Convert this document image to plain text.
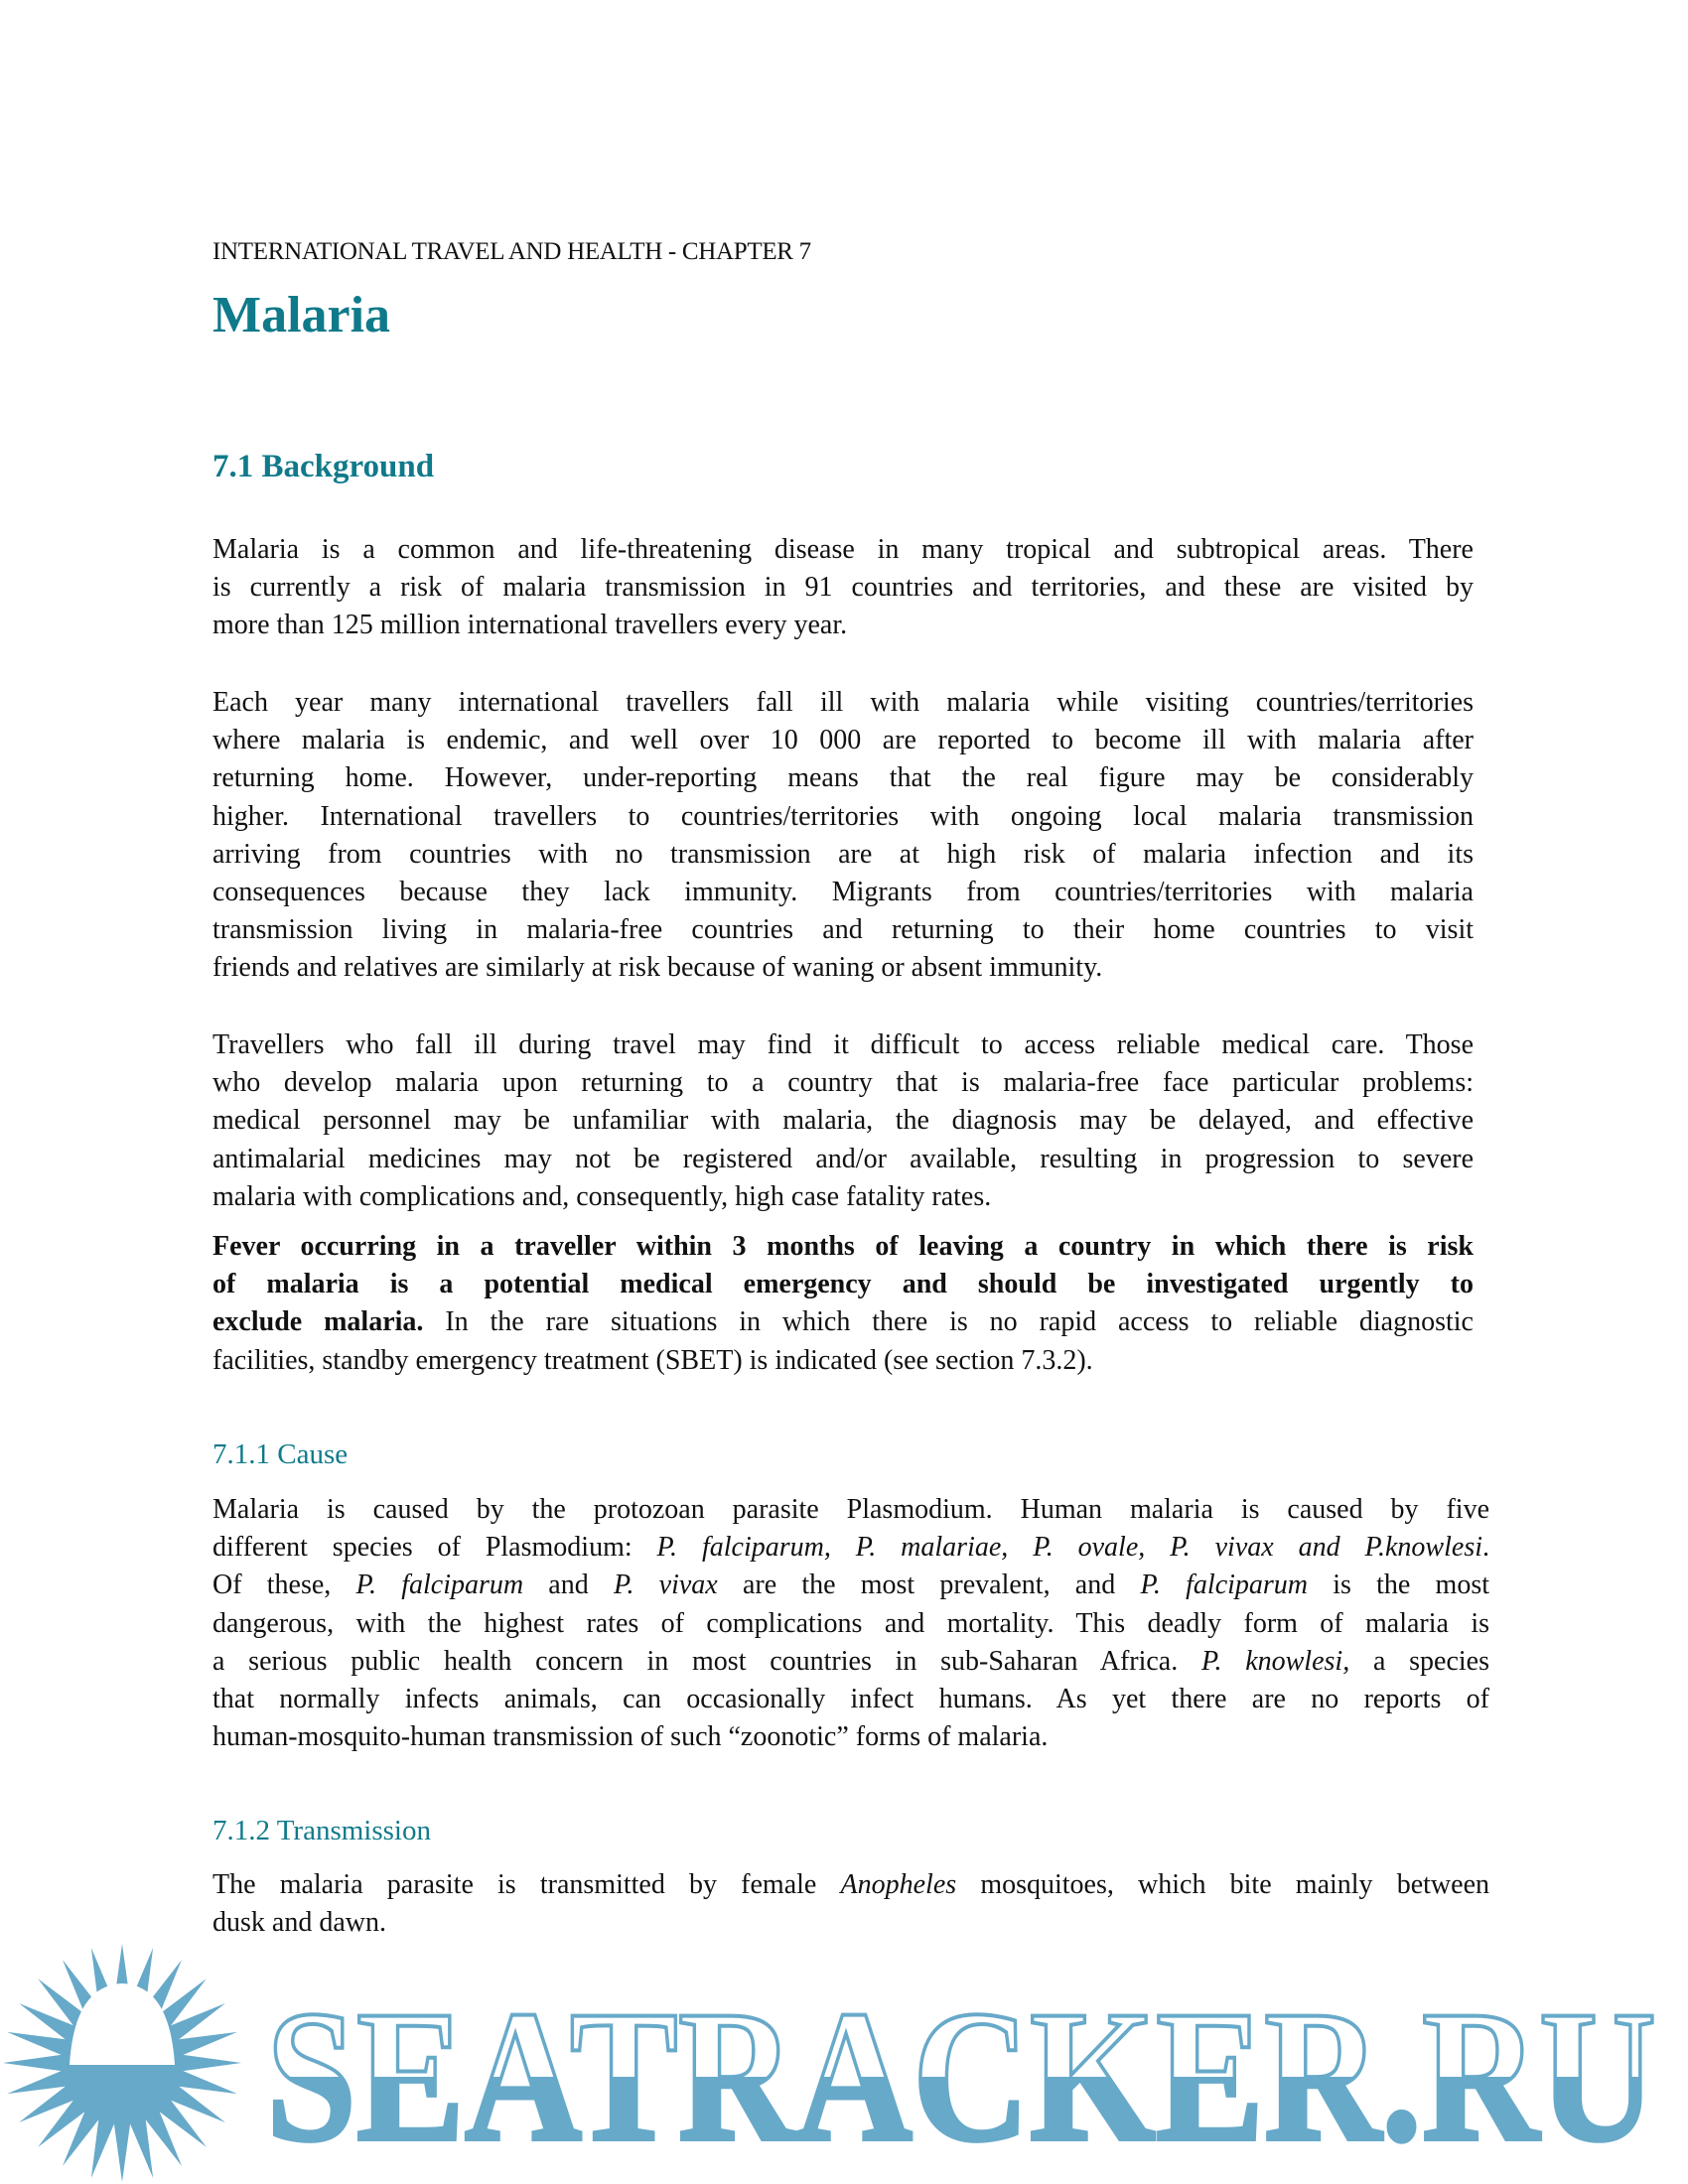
INTERNATIONAL TRAVEL AND HEALTH - CHAPTER 7
Malaria
7.1 Background
Malaria is a common and life-threatening disease in many tropical and subtropical areas. There
is currently a risk of malaria transmission in 91 countries and territories, and these are visited by
more than 125 million international travellers every year.
Each year many international travellers fall ill with malaria while visiting countries/territories
where malaria is endemic, and well over 10 000 are reported to become ill with malaria after
returning home. However, under-reporting means that the real figure may be considerably
higher. International travellers to countries/territories with ongoing local malaria transmission
arriving from countries with no transmission are at high risk of malaria infection and its
consequences because they lack immunity. Migrants from countries/territories with malaria
transmission living in malaria-free countries and returning to their home countries to visit
friends and relatives are similarly at risk because of waning or absent immunity.
Travellers who fall ill during travel may find it difficult to access reliable medical care. Those
who develop malaria upon returning to a country that is malaria-free face particular problems:
medical personnel may be unfamiliar with malaria, the diagnosis may be delayed, and effective
antimalarial medicines may not be registered and/or available, resulting in progression to severe
malaria with complications and, consequently, high case fatality rates.
Fever occurring in a traveller within 3 months of leaving a country in which there is risk
of malaria is a potential medical emergency and should be investigated urgently to
exclude malaria. In the rare situations in which there is no rapid access to reliable diagnostic
facilities, standby emergency treatment (SBET) is indicated (see section 7.3.2).
7.1.1 Cause
Malaria is caused by the protozoan parasite Plasmodium. Human malaria is caused by five
different species of Plasmodium: P. falciparum, P. malariae, P. ovale, P. vivax and P.knowlesi.
Of these, P. falciparum and P. vivax are the most prevalent, and P. falciparum is the most
dangerous, with the highest rates of complications and mortality. This deadly form of malaria is
a serious public health concern in most countries in sub-Saharan Africa. P. knowlesi, a species
that normally infects animals, can occasionally infect humans. As yet there are no reports of
human-mosquito-human transmission of such “zoonotic” forms of malaria.
7.1.2 Transmission
The malaria parasite is transmitted by female Anopheles mosquitoes, which bite mainly between
dusk and dawn.
SEATRACKER.RU
